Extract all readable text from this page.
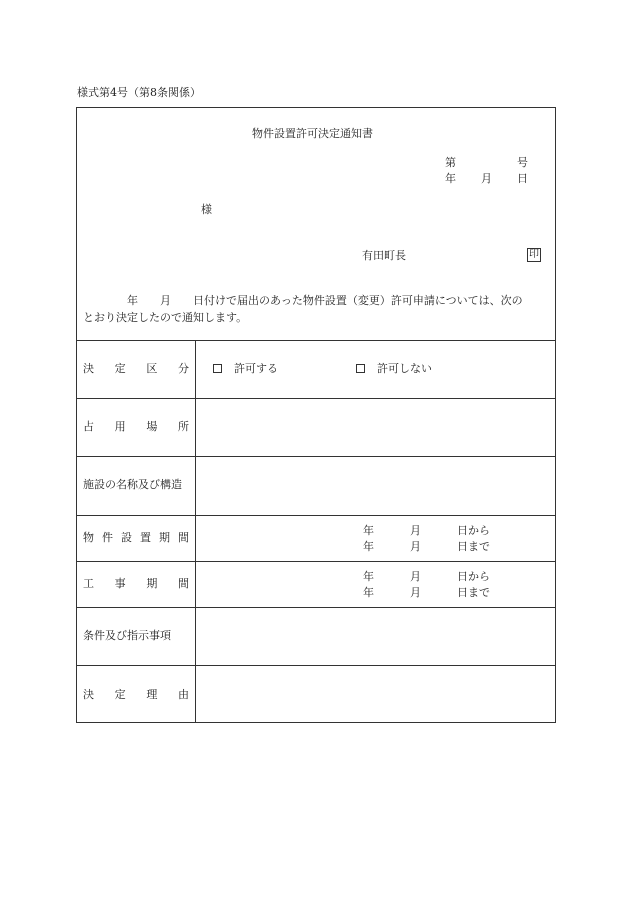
様式第4号（第8条関係）
物件設置許可決定通知書
第	号
年 月 日
様
有田町長	印
　　　　年　　月　　日付けで届出のあった物件設置（変更）許可申請については、次の
とおり決定したので通知します。
決 定 区 分	許可する	許可しない
占 用 場 所
施設の名称及び構造
物 件 設 置 期 間
年	月	日から
年	月	日まで
工 事 期 間
年	月	日から
年	月	日まで
条件及び指示事項
決 定 理 由
